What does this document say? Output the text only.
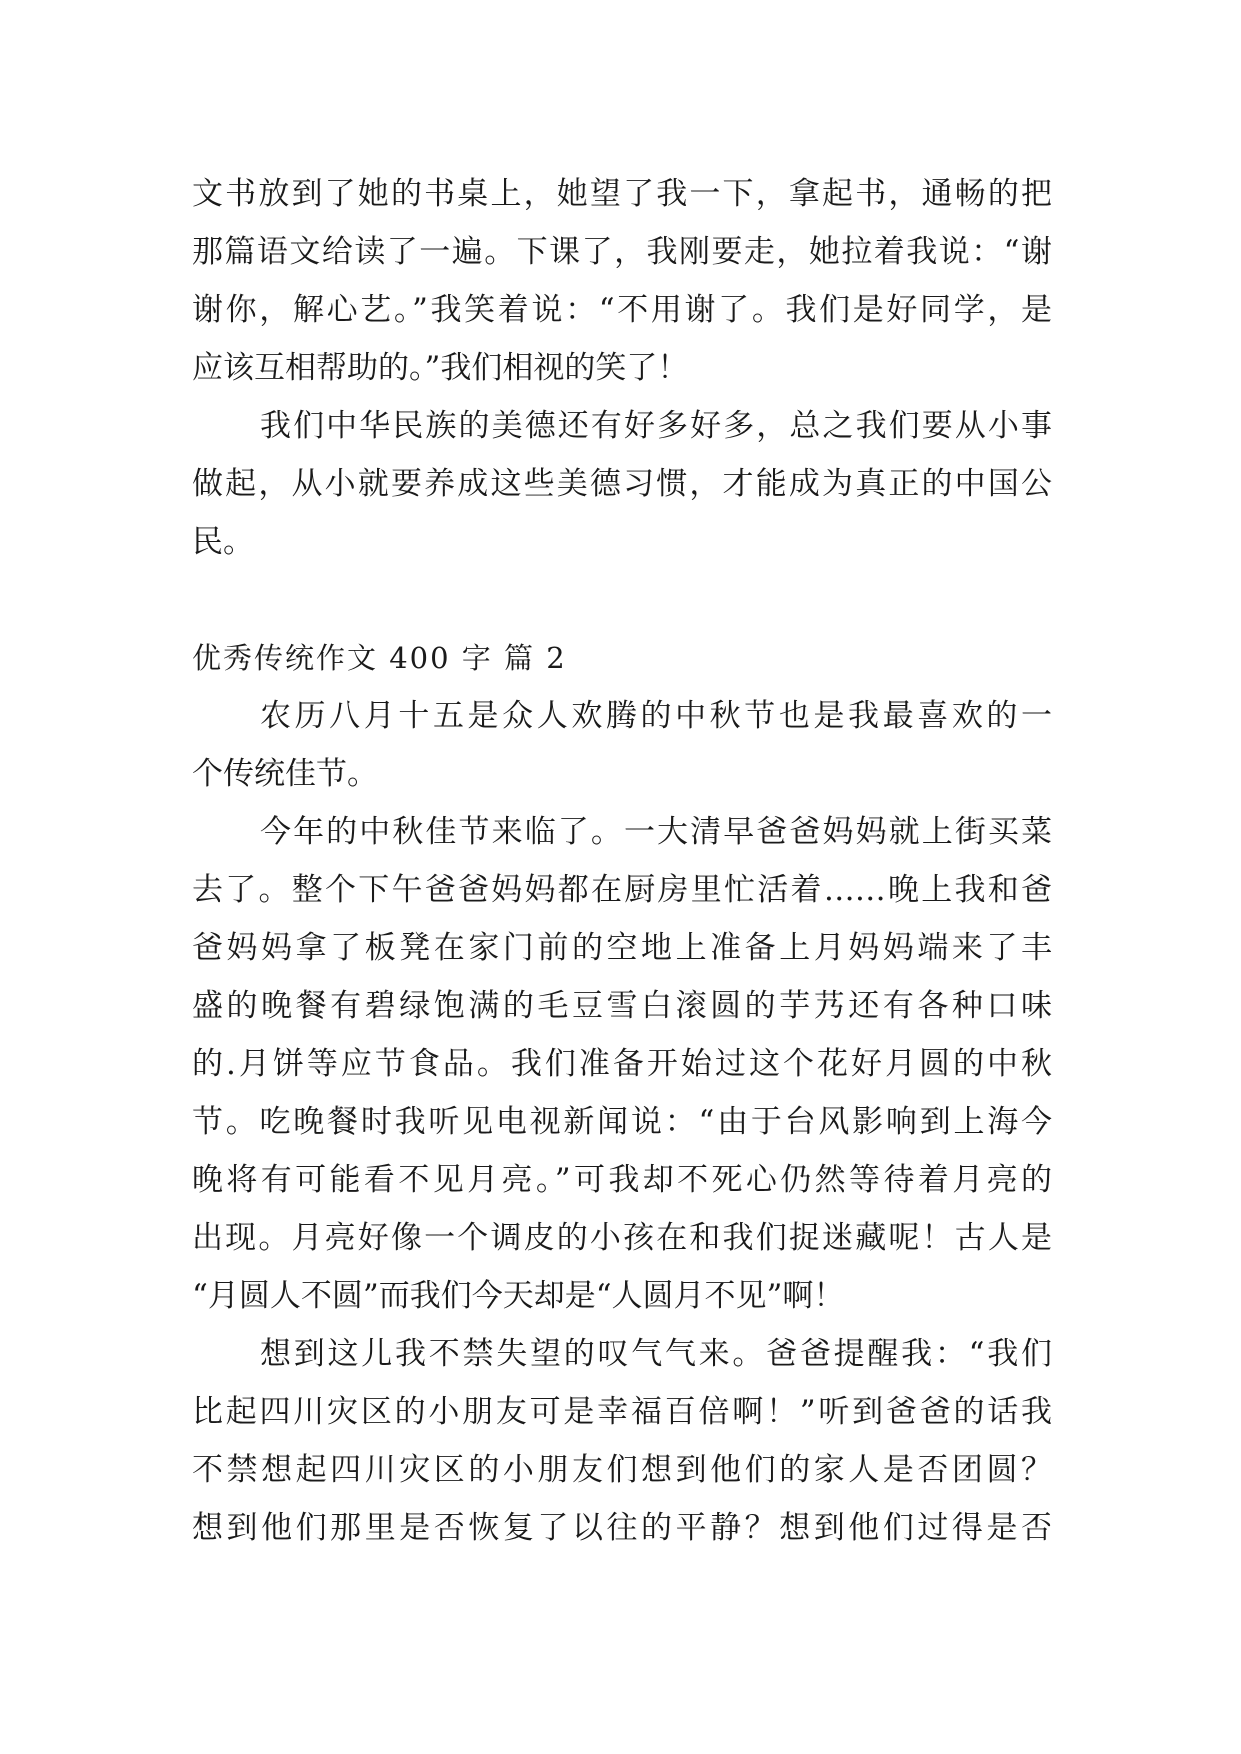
文书放到了她的书桌上，她望了我一下，拿起书，通畅的把
那篇语文给读了一遍。下课了，我刚要走，她拉着我说：“谢
谢你，解心艺。”我笑着说：“不用谢了。我们是好同学，是
应该互相帮助的。”我们相视的笑了！
我们中华民族的美德还有好多好多，总之我们要从小事
做起，从小就要养成这些美德习惯，才能成为真正的中国公
民。
优秀传统作文 400 字 篇 2
农历八月十五是众人欢腾的中秋节也是我最喜欢的一
个传统佳节。
今年的中秋佳节来临了。一大清早爸爸妈妈就上街买菜
去了。整个下午爸爸妈妈都在厨房里忙活着……晚上我和爸
爸妈妈拿了板凳在家门前的空地上准备上月妈妈端来了丰
盛的晚餐有碧绿饱满的毛豆雪白滚圆的芋艿还有各种口味
的.月饼等应节食品。我们准备开始过这个花好月圆的中秋
节。吃晚餐时我听见电视新闻说：“由于台风影响到上海今
晚将有可能看不见月亮。”可我却不死心仍然等待着月亮的
出现。月亮好像一个调皮的小孩在和我们捉迷藏呢！古人是
“月圆人不圆”而我们今天却是“人圆月不见”啊！
想到这儿我不禁失望的叹气气来。爸爸提醒我：“我们
比起四川灾区的小朋友可是幸福百倍啊！”听到爸爸的话我
不禁想起四川灾区的小朋友们想到他们的家人是否团圆？
想到他们那里是否恢复了以往的平静？想到他们过得是否
